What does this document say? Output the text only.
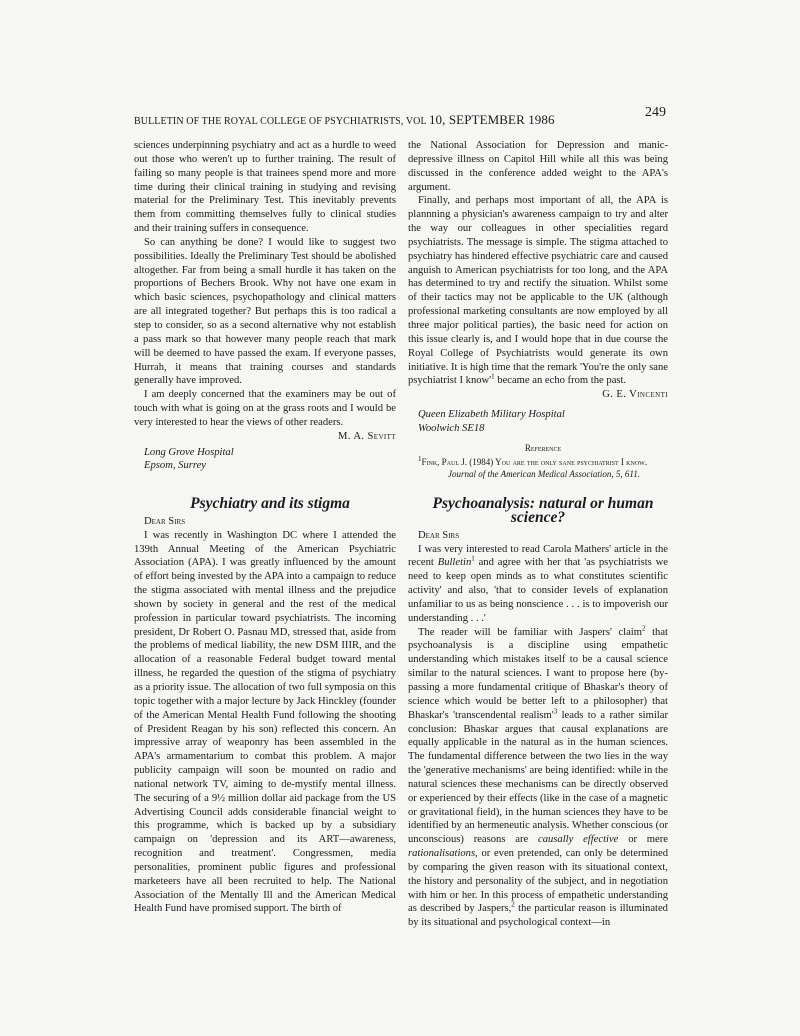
BULLETIN OF THE ROYAL COLLEGE OF PSYCHIATRISTS, VOL 10, SEPTEMBER 1986	249

sciences underpinning psychiatry and act as a hurdle to weed out those who weren't up to further training. The result of failing so many people is that trainees spend more and more time during their clinical training in studying and revising material for the Preliminary Test. This inevitably prevents them from committing themselves fully to clinical studies and their training suffers in consequence.

So can anything be done? I would like to suggest two possibilities. Ideally the Preliminary Test should be abolished altogether. Far from being a small hurdle it has taken on the proportions of Bechers Brook. Why not have one exam in which basic sciences, psychopathology and clinical matters are all integrated together? But perhaps this is too radical a step to consider, so as a second alternative why not establish a pass mark so that however many people reach that mark will be deemed to have passed the exam. If everyone passes, Hurrah, it means that training courses and standards generally have improved.

I am deeply concerned that the examiners may be out of touch with what is going on at the grass roots and I would be very interested to hear the views of other readers.

M. A. Sevitt

Long Grove Hospital

Epsom, Surrey

the National Association for Depression and manic-depressive illness on Capitol Hill while all this was being discussed in the conference added weight to the APA's argument.

Finally, and perhaps most important of all, the APA is plannning a physician's awareness campaign to try and alter the way our colleagues in other specialities regard psychiatrists. The message is simple. The stigma attached to psychiatry has hindered effective psychiatric care and caused anguish to American psychiatrists for too long, and the APA has determined to try and rectify the situation. Whilst some of their tactics may not be applicable to the UK (although professional marketing consultants are now employed by all three major political parties), the basic need for action on this issue clearly is, and I would hope that in due course the Royal College of Psychiatrists would generate its own initiative. It is high time that the remark 'You're the only sane psychiatrist I $know'^1$ became an echo from the past.

G. E. Vincenti

Queen Elizabeth Military Hospital

Woolwich SE18

Reference

$^1$Fink, Paul J. (1984) You are the only sane psychiatrist I know.

Journal of the American Medical Association, 5, 611.

Psychiatry and its stigma

Dear Sirs

I was recently in Washington DC where I attended the 139th Annual Meeting of the American Psychiatric Association (APA). I was greatly influenced by the amount of effort being invested by the APA into a campaign to reduce the stigma associated with mental illness and the prejudice shown by society in general and the rest of the medical profession in particular toward psychiatrists. The incoming president, Dr Robert O. Pasnau MD, stressed that, aside from the problems of medical liability, the new DSM IIIR, and the allocation of a reasonable Federal budget toward mental illness, he regarded the question of the stigma of psychiatry as a priority issue. The allocation of two full symposia on this topic together with a major lecture by Jack Hinckley (founder of the American Mental Health Fund following the shooting of President Reagan by his son) reflected this concern. An impressive array of weaponry has been assembled in the APA's armamentarium to combat this problem. A major publicity campaign will soon be mounted on radio and national network TV, aiming to de-mystify mental illness. The securing of a 9½ million dollar aid package from the US Advertising Council adds considerable financial weight to this programme, which is backed up by a subsidiary campaign on 'depression and its ART—awareness, recognition and treatment'. Congressmen, media personalities, prominent public figures and professional marketeers have all been recruited to help. The National Association of the Mentally Ill and the American Medical Health Fund have promised support. The birth of

Psychoanalysis: natural or human science?

Dear Sirs

I was very interested to read Carola Mathers' article in the recent Bulletin$^1$ and agree with her that 'as psychiatrists we need to keep open minds as to what constitutes scientific activity' and also, 'that to consider levels of explanation unfamiliar to us as being nonscience . . . is to impoverish our understanding . . .'

The reader will be familiar with Jaspers' claim$^2$ that psychoanalysis is a discipline using empathetic understanding which mistakes itself to be a causal science similar to the natural sciences. I want to propose here (by-passing a more fundamental critique of Bhaskar's theory of science which would be better left to a philosopher) that Bhaskar's 'transcendental $realism'^3$ leads to a rather similar conclusion: Bhaskar argues that causal explanations are equally applicable in the natural as in the human sciences. The fundamental difference between the two lies in the way the 'generative mechanisms' are being identified: while in the natural sciences these mechanisms can be directly observed or experienced by their effects (like in the case of a magnetic or gravitational field), in the human sciences they have to be identified by an hermeneutic analysis. Whether conscious (or unconscious) reasons are causally effective or mere rationalisations, or even pretended, can only be determined by comparing the given reason with its situational context, the history and personality of the subject, and in negotiation with him or her. In this process of empathetic understanding as described by Jaspers,$^2$ the particular reason is illuminated by its situational and psychological context—in
